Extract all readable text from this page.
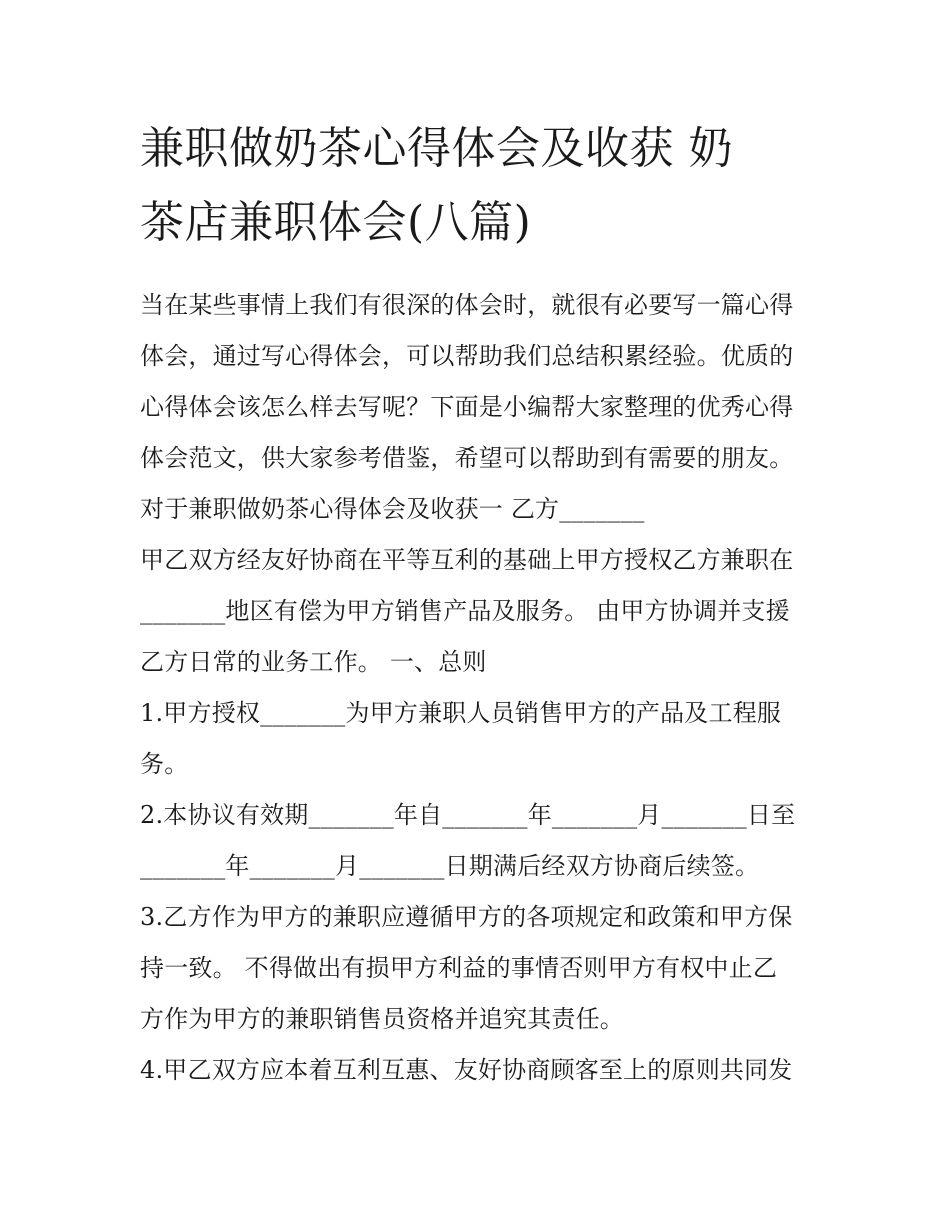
兼职做奶茶心得体会及收获 奶
茶店兼职体会(八篇)
当在某些事情上我们有很深的体会时，就很有必要写一篇心得
体会，通过写心得体会，可以帮助我们总结积累经验。优质的
心得体会该怎么样去写呢？下面是小编帮大家整理的优秀心得
体会范文，供大家参考借鉴，希望可以帮助到有需要的朋友。
对于兼职做奶茶心得体会及收获一 乙方_______
甲乙双方经友好协商在平等互利的基础上甲方授权乙方兼职在
_______地区有偿为甲方销售产品及服务。 由甲方协调并支援
乙方日常的业务工作。 一、总则
1.甲方授权_______为甲方兼职人员销售甲方的产品及工程服
务。
2.本协议有效期_______年自_______年_______月_______日至
_______年_______月_______日期满后经双方协商后续签。
3.乙方作为甲方的兼职应遵循甲方的各项规定和政策和甲方保
持一致。 不得做出有损甲方利益的事情否则甲方有权中止乙
方作为甲方的兼职销售员资格并追究其责任。
4.甲乙双方应本着互利互惠、友好协商顾客至上的原则共同发
